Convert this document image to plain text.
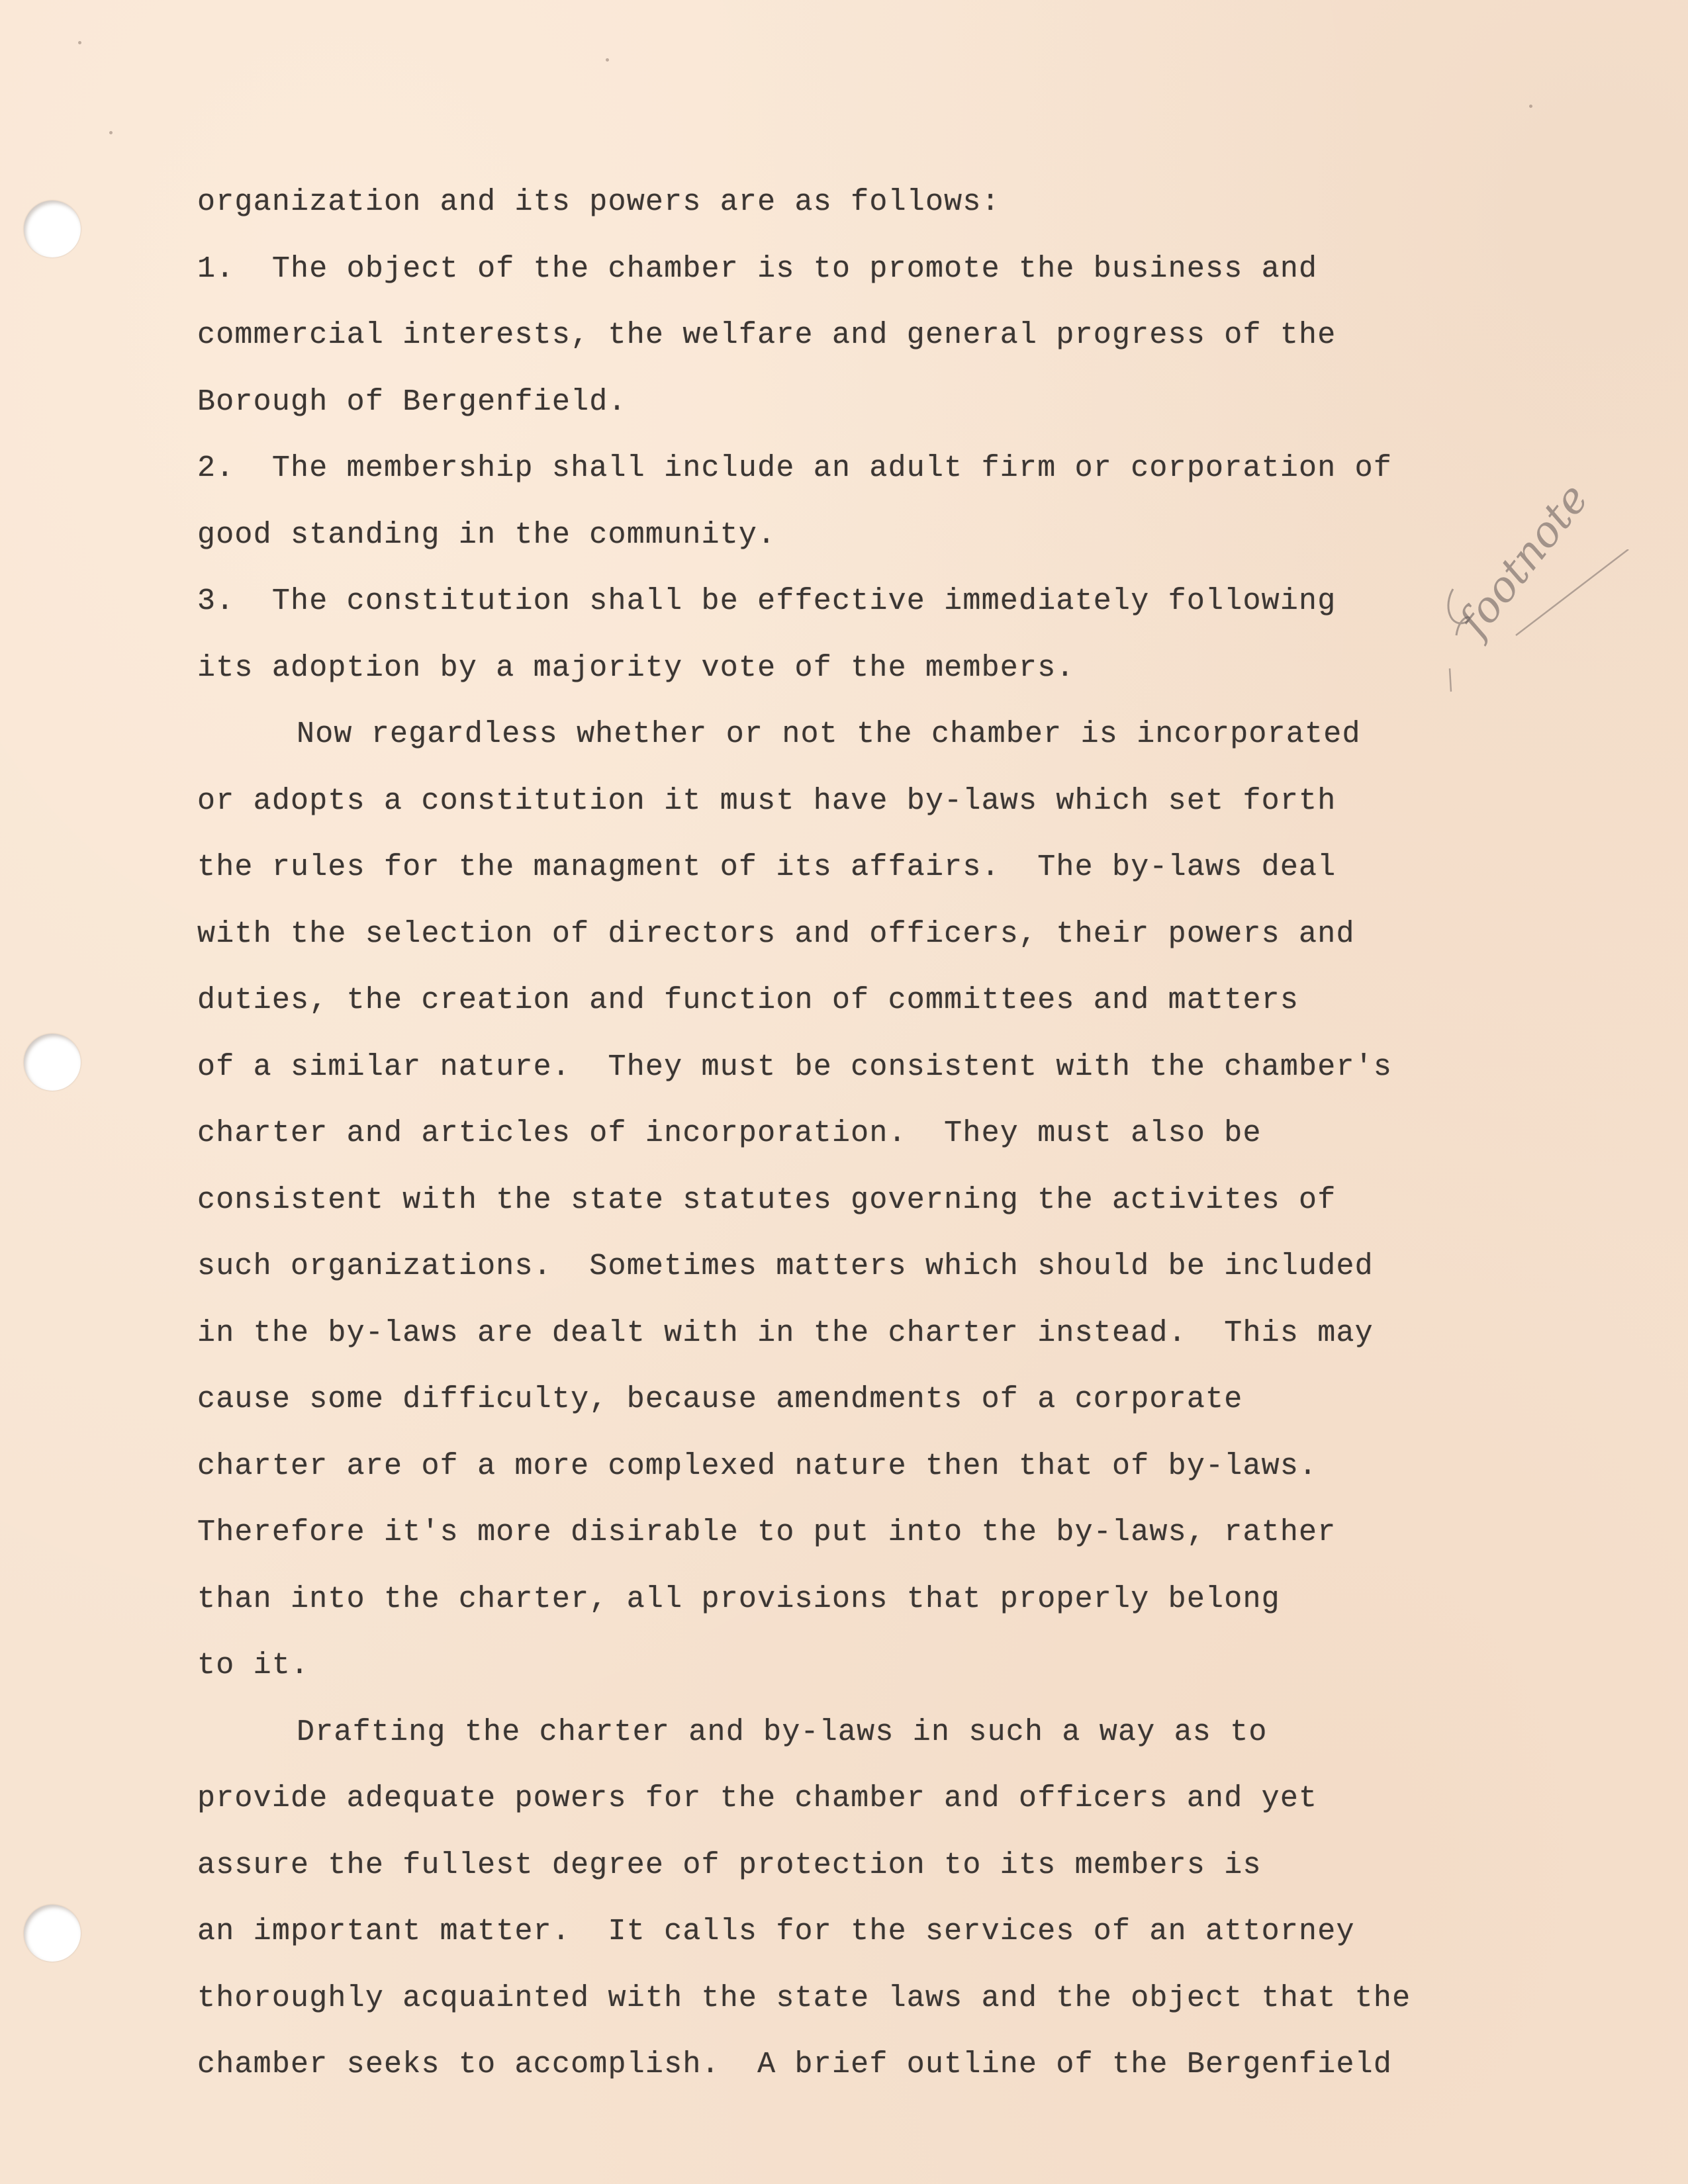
organization and its powers are as follows:
1.  The object of the chamber is to promote the business and
commercial interests, the welfare and general progress of the
Borough of Bergenfield.
2.  The membership shall include an adult firm or corporation of
good standing in the community.
3.  The constitution shall be effective immediately following
its adoption by a majority vote of the members.
Now regardless whether or not the chamber is incorporated
or adopts a constitution it must have by-laws which set forth
the rules for the managment of its affairs.  The by-laws deal
with the selection of directors and officers, their powers and
duties, the creation and function of committees and matters
of a similar nature.  They must be consistent with the chamber's
charter and articles of incorporation.  They must also be
consistent with the state statutes governing the activites of
such organizations.  Sometimes matters which should be included
in the by-laws are dealt with in the charter instead.  This may
cause some difficulty, because amendments of a corporate
charter are of a more complexed nature then that of by-laws.
Therefore it's more disirable to put into the by-laws, rather
than into the charter, all provisions that properly belong
to it.
Drafting the charter and by-laws in such a way as to
provide adequate powers for the chamber and officers and yet
assure the fullest degree of protection to its members is
an important matter.  It calls for the services of an attorney
thoroughly acquainted with the state laws and the object that the
chamber seeks to accomplish.  A brief outline of the Bergenfield
footnote
